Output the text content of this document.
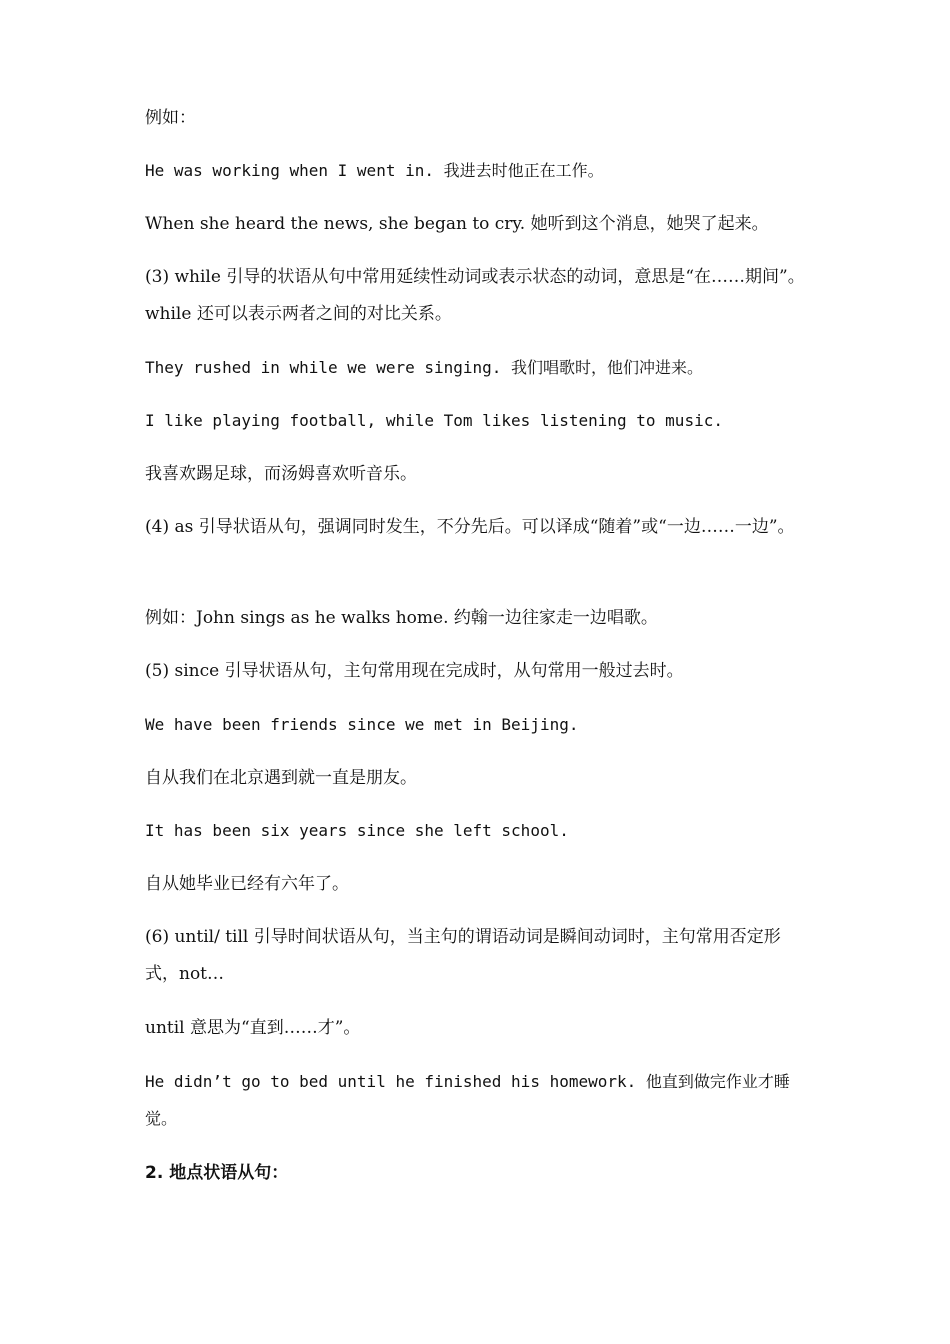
例如：
He was working when I went in. 我进去时他正在工作。
When she heard the news, she began to cry. 她听到这个消息，她哭了起来。
(3) while 引导的状语从句中常用延续性动词或表示状态的动词，意思是“在……期间”。 while 还可以表示两者之间的对比关系。
They rushed in while we were singing. 我们唱歌时，他们冲进来。
I like playing football, while Tom likes listening to music.
我喜欢踢足球，而汤姆喜欢听音乐。
(4) as 引导状语从句，强调同时发生，不分先后。可以译成“随着”或“一边……一边”。
例如：John sings as he walks home. 约翰一边往家走一边唱歌。
(5) since 引导状语从句，主句常用现在完成时，从句常用一般过去时。
We have been friends since we met in Beijing.
自从我们在北京遇到就一直是朋友。
It has been six years since she left school.
自从她毕业已经有六年了。
(6) until/ till 引导时间状语从句，当主句的谓语动词是瞬间动词时，主句常用否定形式，not…
until 意思为“直到……才”。
He didn’t go to bed until he finished his homework. 他直到做完作业才睡觉。
2. 地点状语从句：
